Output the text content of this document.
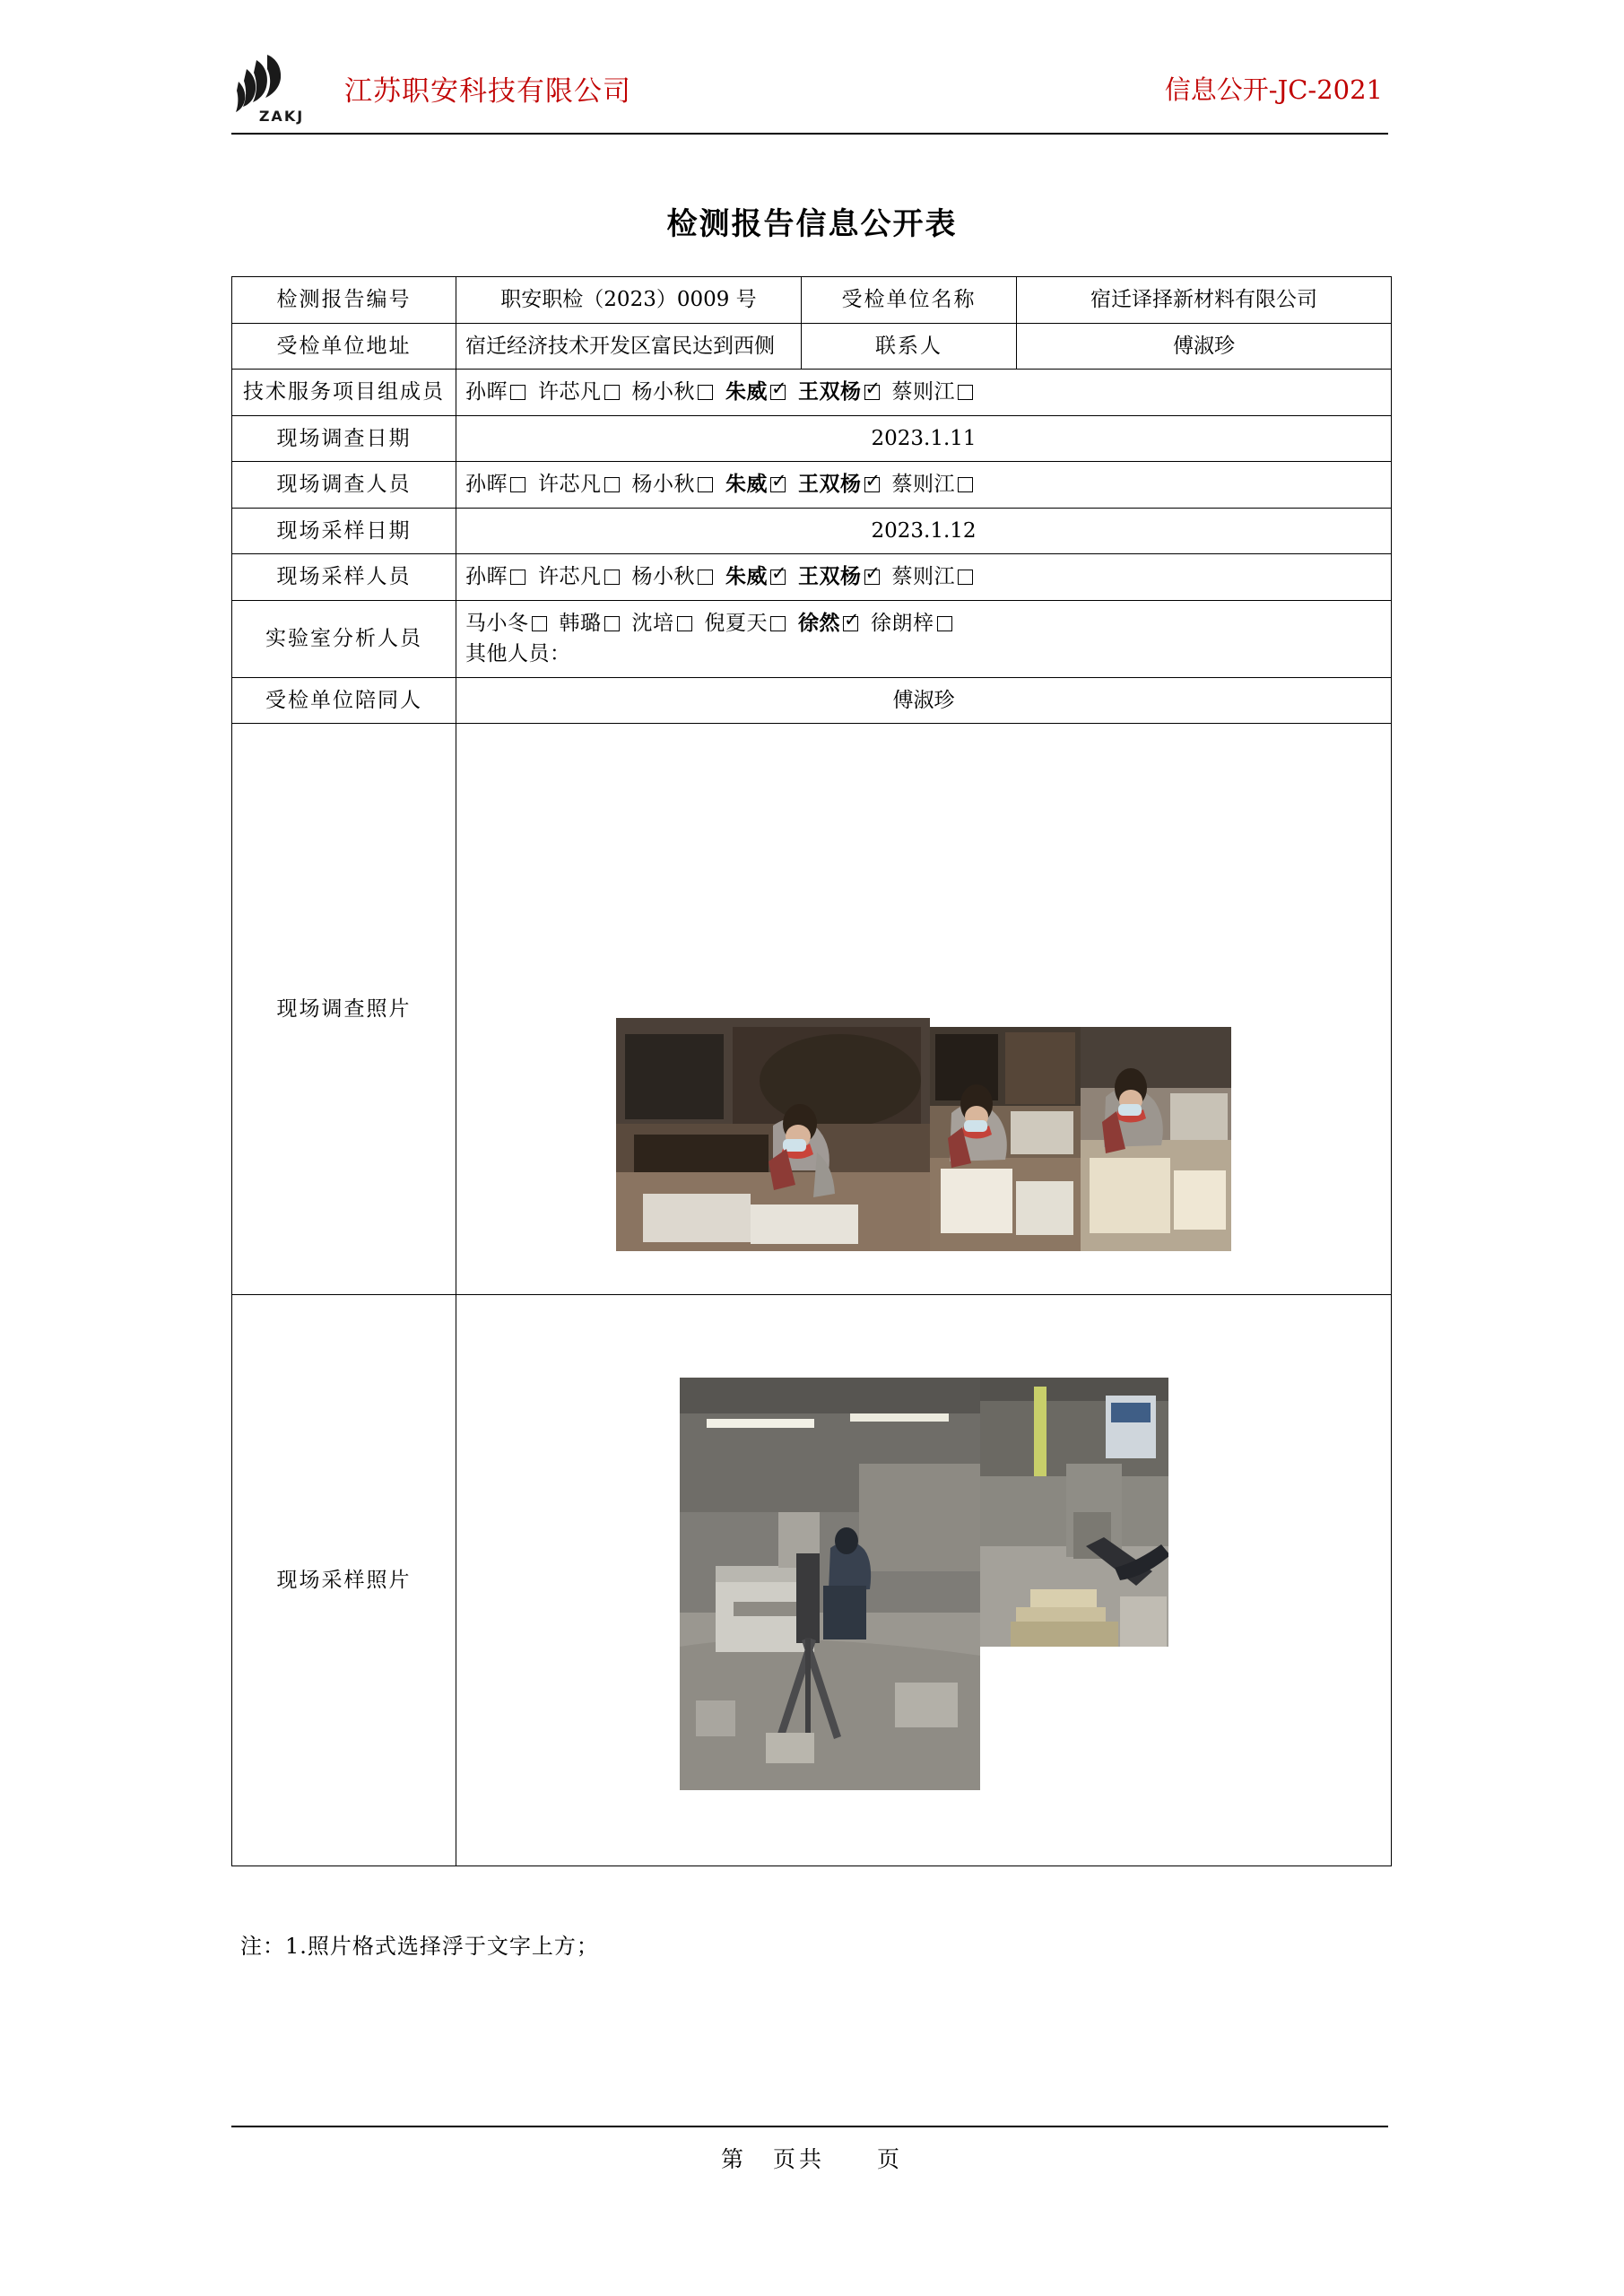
ZAKJ
江苏职安科技有限公司	信息公开-JC-2021
检测报告信息公开表
检测报告编号	职安职检（2023）0009 号	受检单位名称	宿迁译择新材料有限公司
受检单位地址	宿迁经济技术开发区富民达到西侧	联系人	傅淑珍
技术服务项目组成员	孙晖 许芯凡 杨小秋 朱威 ✓ 王双杨 ✓ 蔡则江

现场调查日期	2023.1.11		
现场调查人员	孙晖 许芯凡 杨小秋 朱威 ✓ 王双杨 ✓ 蔡则江

现场采样日期	2023.1.12		
现场采样人员	孙晖 许芯凡 杨小秋 朱威 ✓ 王双杨 ✓ 蔡则江

实验室分析人员	马小冬 韩璐 沈培 倪夏天 徐然 ✓ 徐朗梓
其他人员：

受检单位陪同人	傅淑珍		
现场调查照片	

现场采样照片	
注：1.照片格式选择浮于文字上方；
第　页共　　页
